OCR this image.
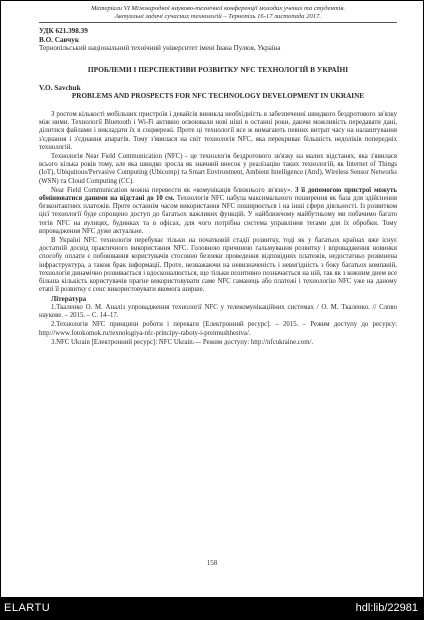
Матеріали VI Міжнародної науково-технічної конференції молодих учених та студентів.
Актуальні задачі сучасних технологій – Тернопіль 16-17 листопада 2017.
УДК 621.398.39
В.О. Савчук
Тернопільський національний технічний університет імені Івана Пулюя, Україна
ПРОБЛЕМИ І ПЕРСПЕКТИВИ РОЗВИТКУ NFC ТЕХНОЛОГІЙ В УКРАЇНІ
V.O. Savchuk
PROBLEMS AND PROSPECTS FOR NFC TECHNOLOGY DEVELOPMENT IN UKRAINE

З ростом кількості мобільних пристроїв і девайсів виникла необхідність в забезпеченні швидкого бездротового зв'язку між ними. Технології Bluetooth і Wi-Fi активно освоювали нові ніші в останні роки, даючи можливість передавати дані, ділитися файлами і викладати їх в соцмережі. Проте ці технології все ж вимагають певних витрат часу на налаштування з'єднання і з'єднання апаратів. Тому з'явилася на світ технологія NFC, яка перекриває більшість недоліків попередніх технологій.

Технологія Near Field Communication (NFC) - це технологія бездротового зв'язку на малих відстанях, яка з'явилася всього кілька років тому, але яка швидко зросла як значний внесок у реалізацію таких технологій, як Internet of Things (IoT), Ubiquitous/Pervasive Computing (Ubicomp) та Smart Environment, Ambient Intelligence (AmI), Wireless Sensor Networks (WSN) та Cloud Computing (CC).

Near Field Communication можна перевести як «комунікація ближнього зв'язку». З її допомогою пристрої можуть обмінюватися даними на відстані до 10 см. Технологія NFC набула максимального поширення як база для здійснення безконтактних платежів. Проте останнім часом використання NFC поширюється і на інші сфери діяльності. Із розвитком цієї технології буде спрощено доступ до багатьох важливих функцій. У найближчому майбутньому ми побачимо багато тегів NFC на вулицях, будинках та в офісах, для чого потрібна система управління тегами для їх обробки. Тому впровадження NFC дуже актуальне.

В Україні NFC технологія перебуває тільки на початковій стадії розвитку, тоді як у багатьох країнах вже існує достатній досвід практичного використання NFC. Головною причиною гальмування розвитку і впровадження новинки способу оплати є побоювання користувачів стосовно безпеки проведення відповідних платежів, недостатньо розвинена інфраструктура, а також брак інформації. Проте, незважаючи на невизначеність і невигідність з боку багатьох компаній, технологія динамічно розвивається і вдосконалюється, що тільки позитивно позначається на ній, так як з кожним днем все більша кількість користувачів прагне використовувати саме NFC гаманець або платежі і технологію NFC уже на даному етапі її розвитку є сенс використовувати якомога ширше.

Література

1.Ткаленко О. М. Аналіз упровадження технології NFC у телекомунікаційних системах / О. М. Ткаленко. // Слово наукове. – 2015. – С. 14–17.

2.Технологія NFC принципи роботи і переваги [Електронний ресурс]. – 2015. – Режим доступу до ресурсу: http://www.fotokomok.ru/texnologiya-nfc-princіpy-raboty-i-preimushhestva/.

3.NFC Ukrain [Електронний ресурс]: NFC Ukrain.— Режим доступу: http://nfcukraine.com/.

158
ELARTU	hdl:lib/22981
